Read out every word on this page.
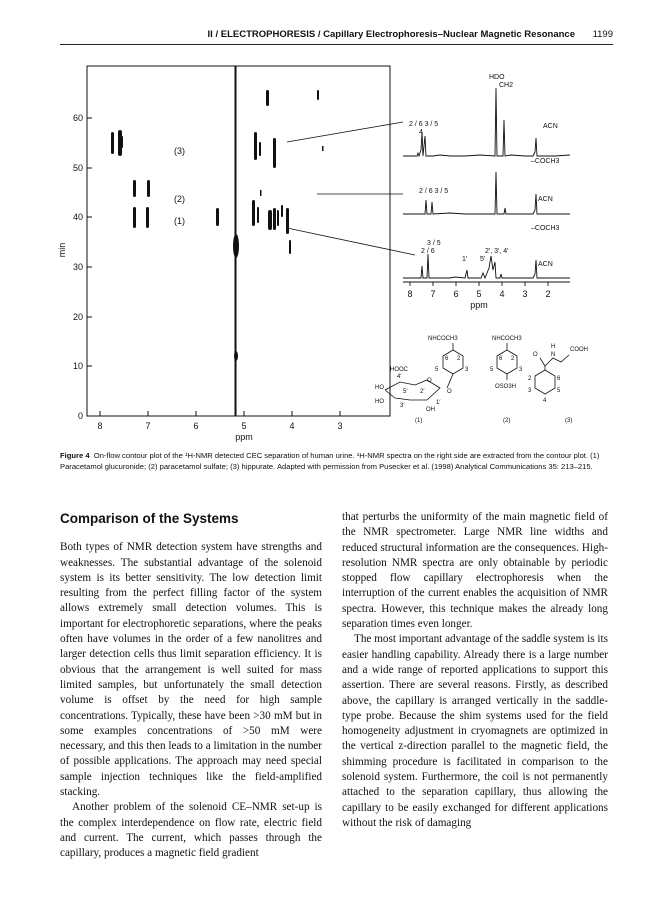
II / ELECTROPHORESIS / Capillary Electrophoresis–Nuclear Magnetic Resonance 1199
60
50
40
30
20
10
0
min
8	7	6	5	4	3
ppm
(3)
(2)
(1)
8 7 6 5 4 3 2
ppm
HDO
CH2
2 / 6 3 / 5
4
ACN
–COCH3
2 / 6 3 / 5
ACN
–COCH3
3 / 5
2 / 6
1′ 5′
2′, 3′, 4′
ACN
NHCOCH3
6 2
5	3
HOOC
HO
HO
OH
O
O
4′
5′ 2′
3′	1′
(1)
NHCOCH3
6 2
5	3
OSO3H
(2)
H
N
COOH
O
2	6
3	5
4
(3)
Figure 4 On-flow contour plot of the ¹H-NMR detected CEC separation of human urine. ¹H-NMR spectra on the right side are extracted from the contour plot. (1) Paracetamol glucuronide; (2) paracetamol sulfate; (3) hippurate. Adapted with permission from Pusecker et al. (1998) Analytical Communications 35: 213–215.
Comparison of the Systems

Both types of NMR detection system have strengths and weaknesses. The substantial advantage of the solenoid system is its better sensitivity. The low detection limit resulting from the perfect filling factor of the system allows extremely small detection volumes. This is important for electrophoretic separations, where the peaks often have volumes in the order of a few nanolitres and larger detection cells thus limit separation efficiency. It is obvious that the arrangement is well suited for mass limited samples, but unfortunately the small detection volume is offset by the need for high sample concentrations. Typically, these have been >30 mM but in some examples concentrations of >50 mM were necessary, and this then leads to a limitation in the number of possible applications. The approach may need special sample injection techniques like the field-amplified stacking.

Another problem of the solenoid CE–NMR set-up is the complex interdependence on flow rate, electric field and current. The current, which passes through the capillary, produces a magnetic field gradient

that perturbs the uniformity of the main magnetic field of the NMR spectrometer. Large NMR line widths and reduced structural information are the consequences. High-resolution NMR spectra are only obtainable by periodic stopped flow capillary electrophoresis when the interruption of the current enables the acquisition of NMR spectra. However, this technique makes the already long separation times even longer.

The most important advantage of the saddle system is its easier handling capability. Already there is a large number and a wide range of reported applications to support this assertion. There are several reasons. Firstly, as described above, the capillary is arranged vertically in the saddle-type probe. Because the shim systems used for the field homogeneity adjustment in cryomagnets are optimized in the vertical z-direction parallel to the magnetic field, the shimming procedure is facilitated in comparison to the solenoid system. Furthermore, the coil is not permanently attached to the separation capillary, thus allowing the capillary to be easily exchanged for different applications without the risk of damaging
